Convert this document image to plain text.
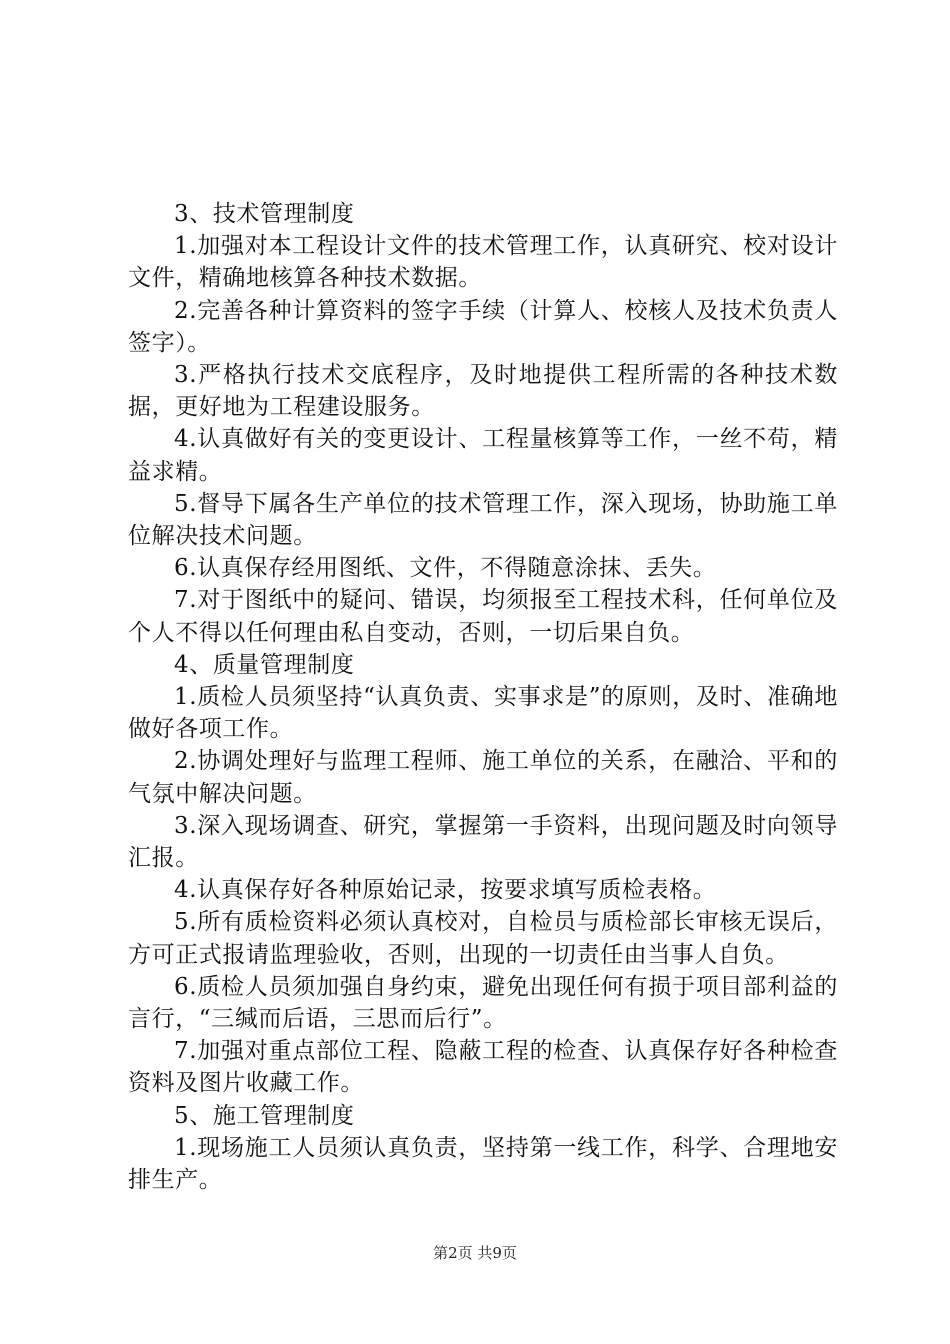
3、技术管理制度

1.加强对本工程设计文件的技术管理工作，认真研究、校对设计文件，精确地核算各种技术数据。

2.完善各种计算资料的签字手续（计算人、校核人及技术负责人签字）。

3.严格执行技术交底程序，及时地提供工程所需的各种技术数据，更好地为工程建设服务。

4.认真做好有关的变更设计、工程量核算等工作，一丝不苟，精益求精。

5.督导下属各生产单位的技术管理工作，深入现场，协助施工单位解决技术问题。

6.认真保存经用图纸、文件，不得随意涂抹、丢失。

7.对于图纸中的疑问、错误，均须报至工程技术科，任何单位及个人不得以任何理由私自变动，否则，一切后果自负。

4、质量管理制度

1.质检人员须坚持“认真负责、实事求是”的原则，及时、准确地做好各项工作。

2.协调处理好与监理工程师、施工单位的关系，在融洽、平和的气氛中解决问题。

3.深入现场调查、研究，掌握第一手资料，出现问题及时向领导汇报。

4.认真保存好各种原始记录，按要求填写质检表格。

5.所有质检资料必须认真校对，自检员与质检部长审核无误后，方可正式报请监理验收，否则，出现的一切责任由当事人自负。

6.质检人员须加强自身约束，避免出现任何有损于项目部利益的言行，“三缄而后语，三思而后行”。

7.加强对重点部位工程、隐蔽工程的检查、认真保存好各种检查资料及图片收藏工作。

5、施工管理制度

1.现场施工人员须认真负责，坚持第一线工作，科学、合理地安排生产。

第2页 共9页
